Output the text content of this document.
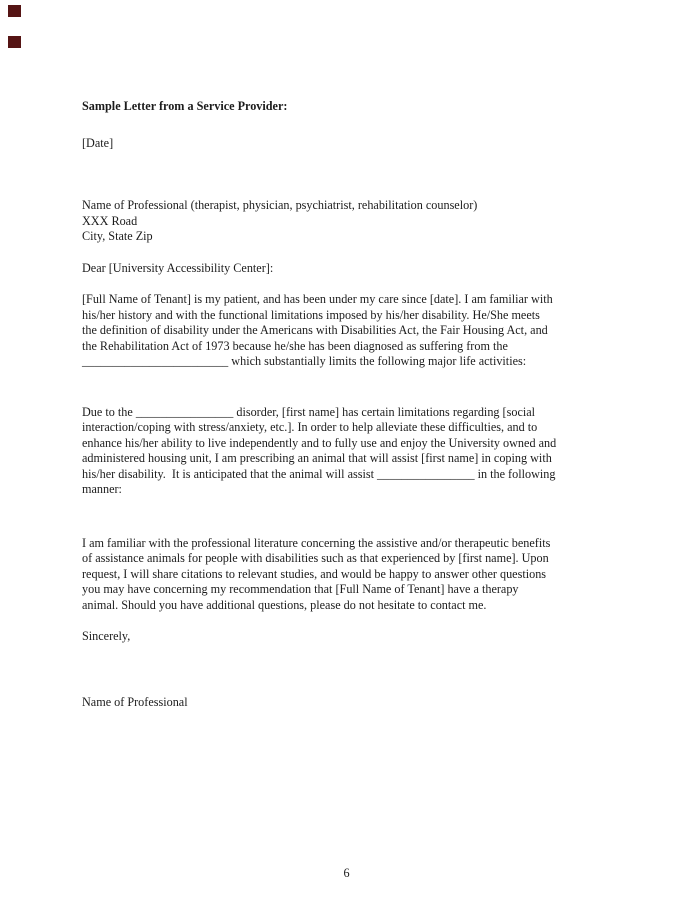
Sample Letter from a Service Provider:
[Date]
Name of Professional (therapist, physician, psychiatrist, rehabilitation counselor)
XXX Road
City, State Zip
Dear [University Accessibility Center]:
[Full Name of Tenant] is my patient, and has been under my care since [date]. I am familiar with
his/her history and with the functional limitations imposed by his/her disability. He/She meets
the definition of disability under the Americans with Disabilities Act, the Fair Housing Act, and
the Rehabilitation Act of 1973 because he/she has been diagnosed as suffering from the
________________________ which substantially limits the following major life activities:
Due to the ________________ disorder, [first name] has certain limitations regarding [social
interaction/coping with stress/anxiety, etc.]. In order to help alleviate these difficulties, and to
enhance his/her ability to live independently and to fully use and enjoy the University owned and
administered housing unit, I am prescribing an animal that will assist [first name] in coping with
his/her disability.  It is anticipated that the animal will assist ________________ in the following
manner:
I am familiar with the professional literature concerning the assistive and/or therapeutic benefits
of assistance animals for people with disabilities such as that experienced by [first name]. Upon
request, I will share citations to relevant studies, and would be happy to answer other questions
you may have concerning my recommendation that [Full Name of Tenant] have a therapy
animal. Should you have additional questions, please do not hesitate to contact me.
Sincerely,
Name of Professional
6
